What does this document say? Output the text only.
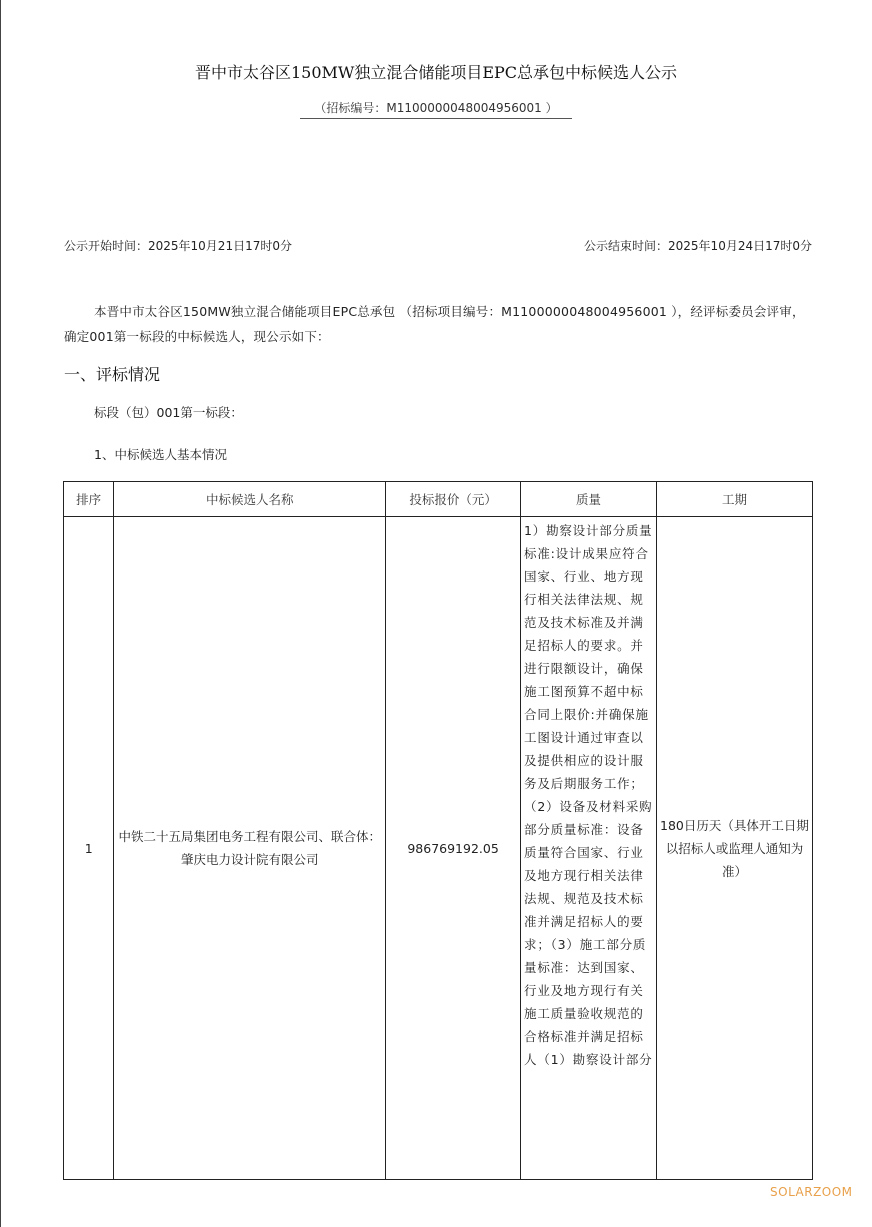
晋中市太谷区150MW独立混合储能项目EPC总承包中标候选人公示
（招标编号：M1100000048004956001 ）
公示开始时间：2025年10月21日17时0分	公示结束时间：2025年10月24日17时0分
本晋中市太谷区150MW独立混合储能项目EPC总承包 （招标项目编号：M1100000048004956001 ），经评标委员会评审，确定001第一标段的中标候选人，现公示如下：
一、评标情况
标段（包）001第一标段：
1、中标候选人基本情况
排序	中标候选人名称	投标报价（元）	质量	工期
1	中铁二十五局集团电务工程有限公司、联合体：肇庆电力设计院有限公司	986769192.05	1）勘察设计部分质量标准:设计成果应符合国家、行业、地方现行相关法律法规、规范及技术标准及并满足招标人的要求。并进行限额设计，确保施工图预算不超中标合同上限价:并确保施工图设计通过审查以及提供相应的设计服务及后期服务工作；（2）设备及材料采购部分质量标准：设备质量符合国家、行业及地方现行相关法律法规、规范及技术标准并满足招标人的要求；（3）施工部分质量标准：达到国家、行业及地方现行有关施工质量验收规范的合格标准并满足招标人（1）勘察设计部分	180日历天（具体开工日期以招标人或监理人通知为准）
SOLARZOOM
